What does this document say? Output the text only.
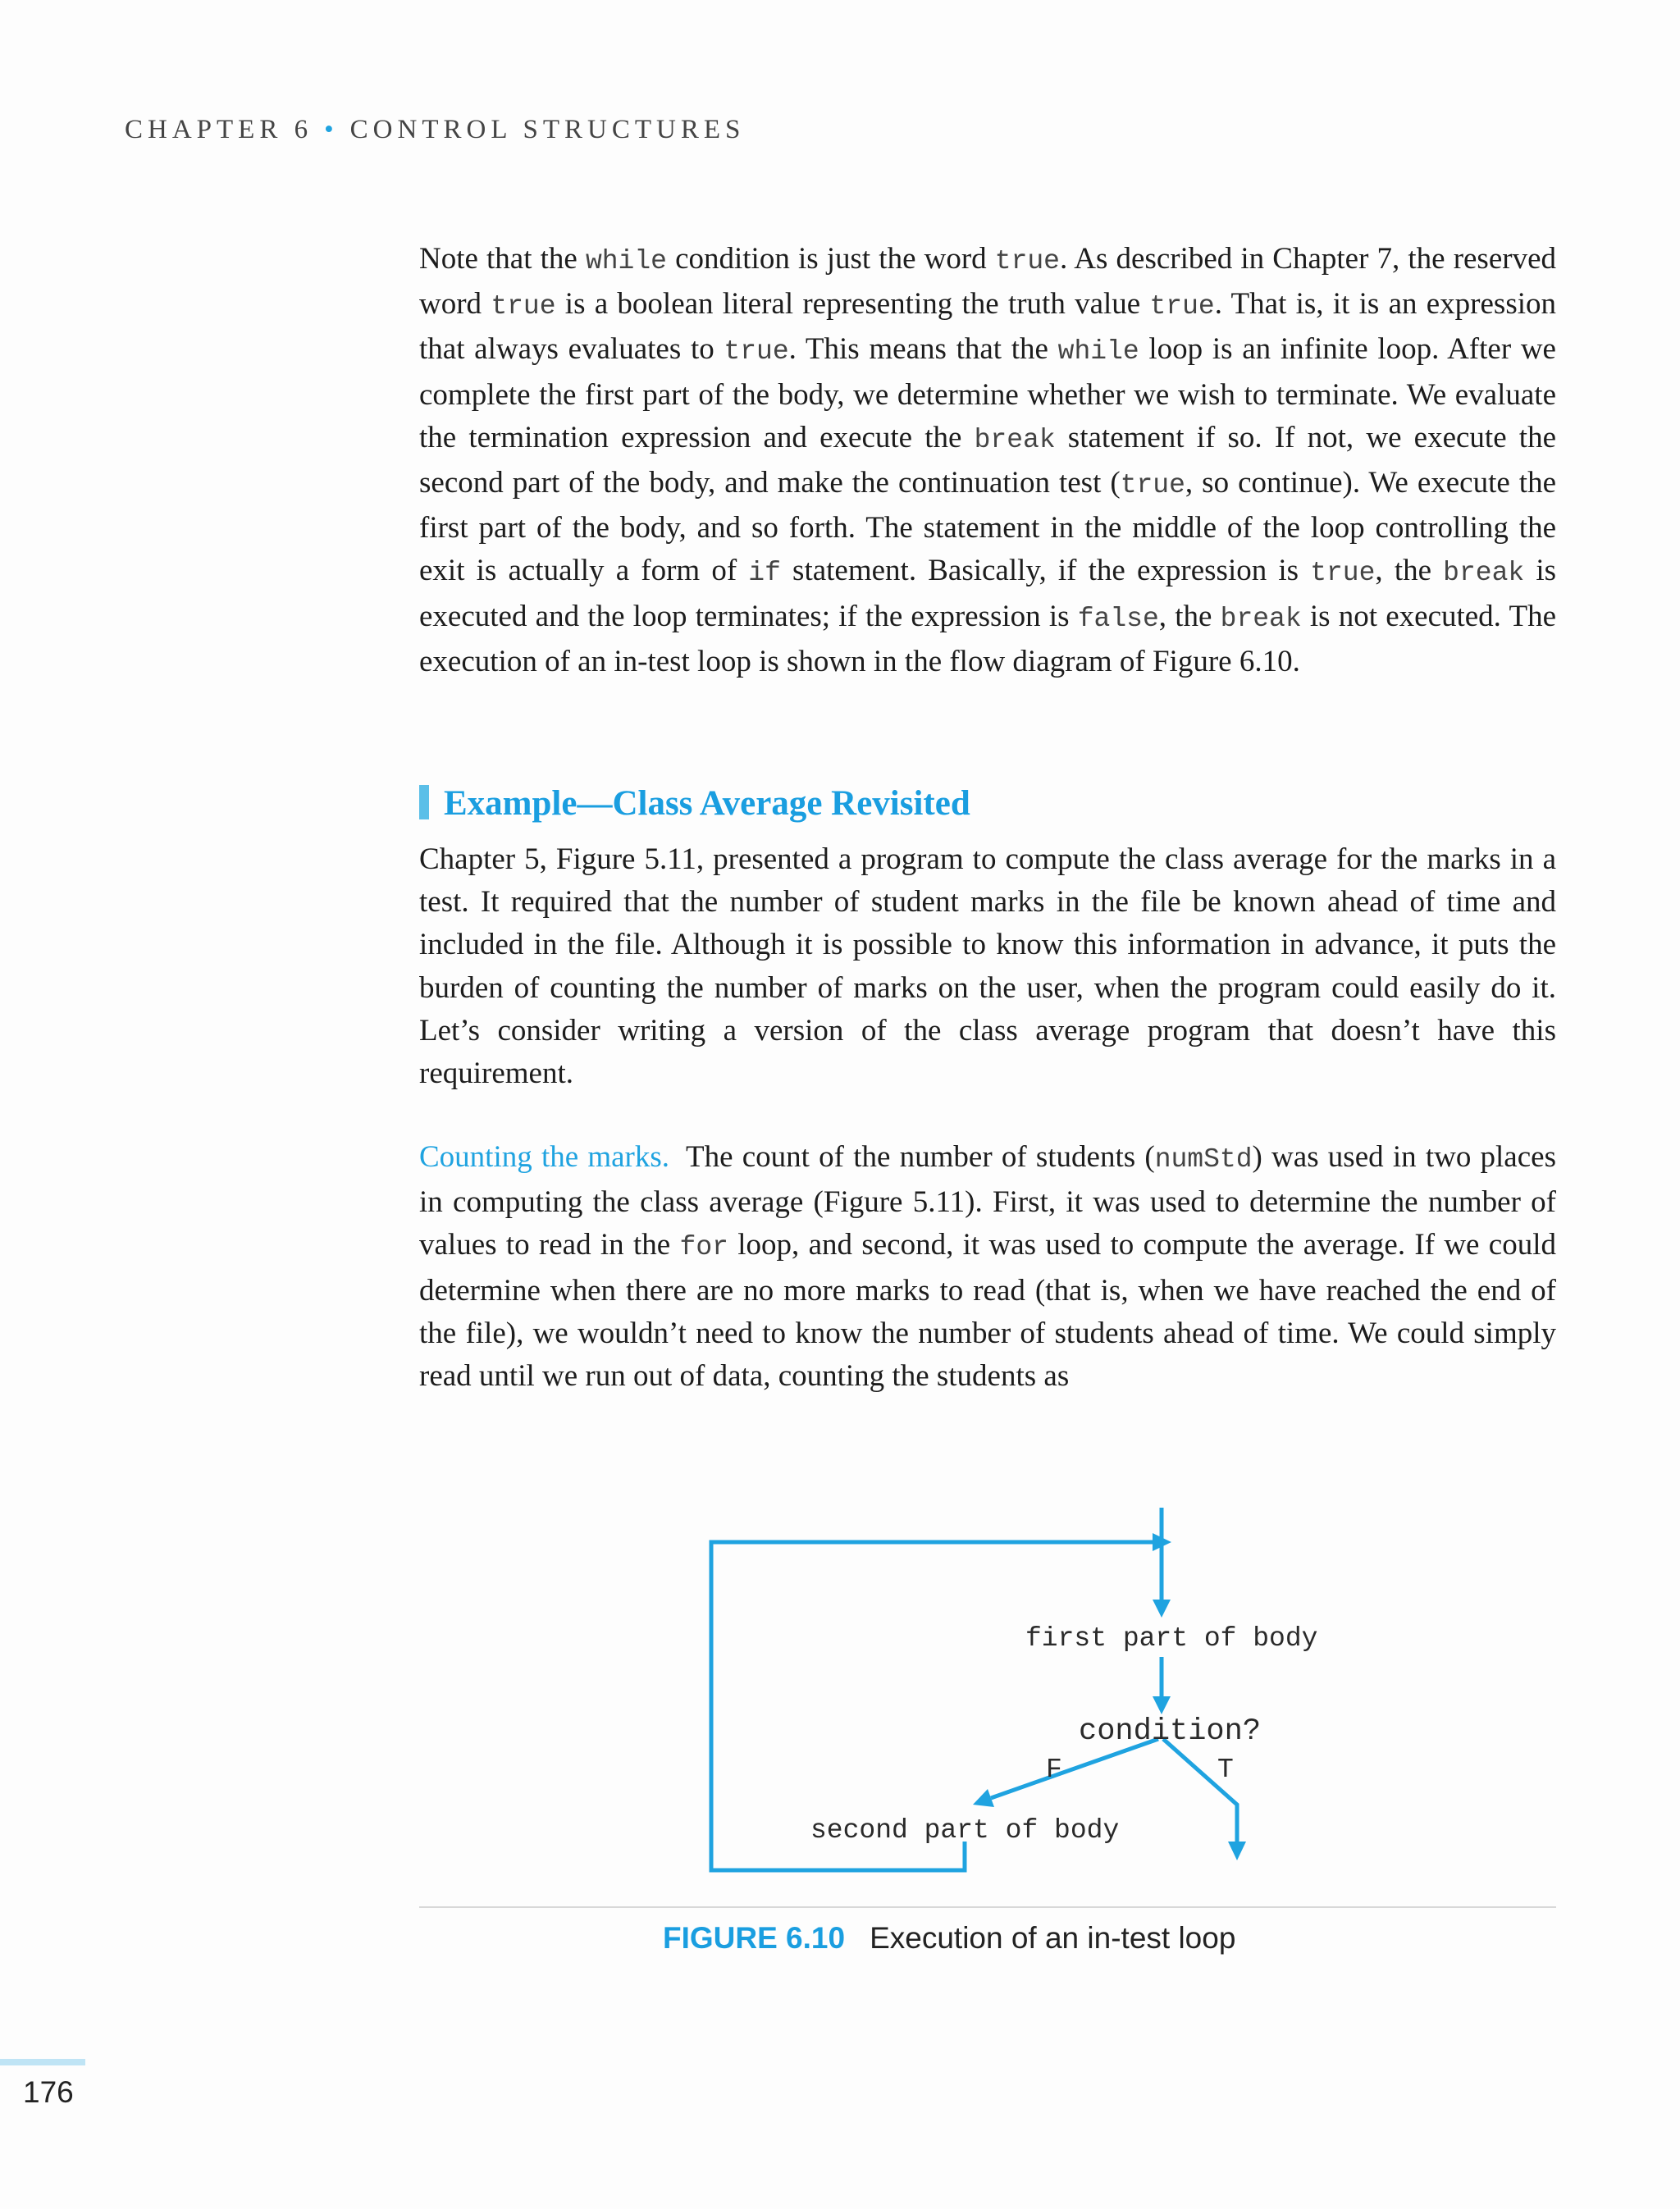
CHAPTER 6 • CONTROL STRUCTURES

Note that the while condition is just the word true. As described in Chapter 7, the reserved word true is a boolean literal representing the truth value true. That is, it is an expression that always evaluates to true. This means that the while loop is an infinite loop. After we complete the first part of the body, we determine whether we wish to terminate. We evaluate the termination expression and execute the break statement if so. If not, we execute the second part of the body, and make the continuation test (true, so continue). We execute the first part of the body, and so forth. The statement in the middle of the loop controlling the exit is actually a form of if statement. Basically, if the expression is true, the break is executed and the loop terminates; if the expression is false, the break is not executed. The execution of an in-test loop is shown in the flow diagram of Figure 6.10.

Example—Class Average Revisited

Chapter 5, Figure 5.11, presented a program to compute the class average for the marks in a test. It required that the number of student marks in the file be known ahead of time and included in the file. Although it is possible to know this information in advance, it puts the burden of counting the number of marks on the user, when the program could easily do it. Let’s consider writing a version of the class average program that doesn’t have this requirement.

Counting the marks. The count of the number of students (numStd) was used in two places in computing the class average (Figure 5.11). First, it was used to determine the number of values to read in the for loop, and second, it was used to compute the average. If we could determine when there are no more marks to read (that is, when we have reached the end of the file), we wouldn’t need to know the number of students ahead of time. We could simply read until we run out of data, counting the students as

first part of body
condition?
F	T
second part of body
FIGURE 6.10 Execution of an in-test loop
176
